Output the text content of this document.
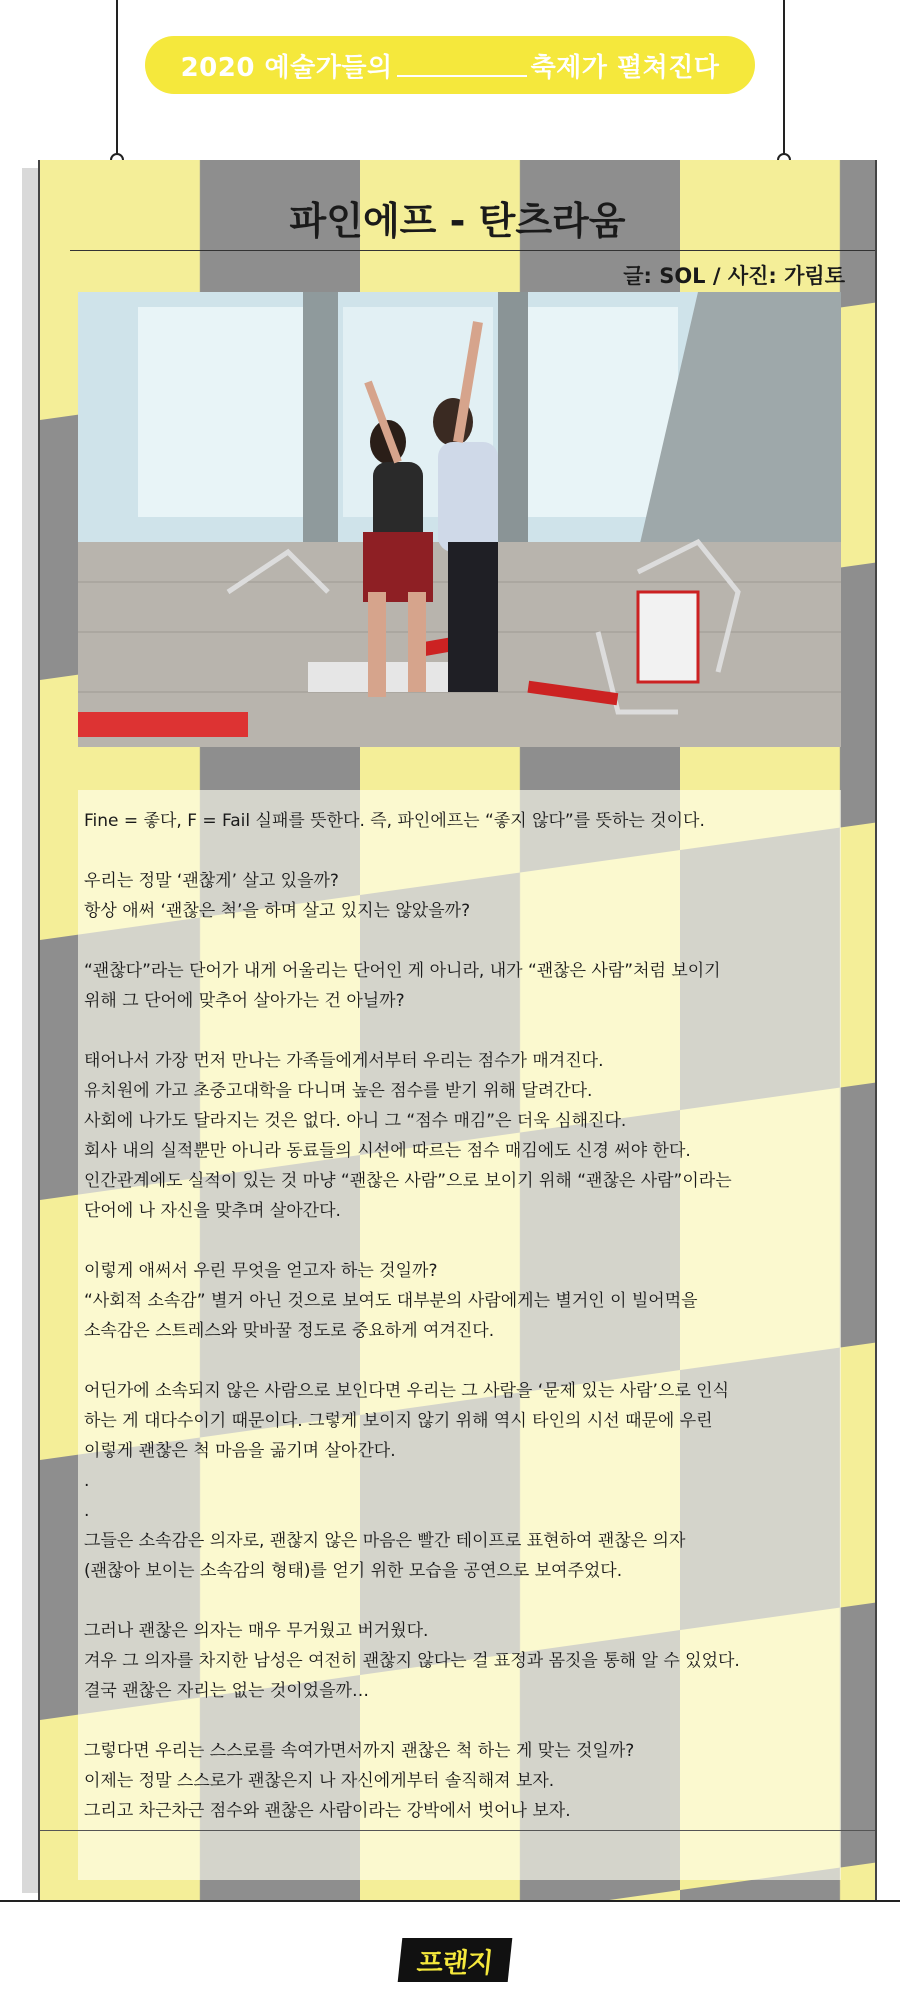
2020 예술가들의	축제가 펼쳐진다
파인에프 - 탄츠라움
글: SOL / 사진: 가림토

Fine = 좋다, F = Fail 실패를 뜻한다. 즉, 파인에프는 “좋지 않다”를 뜻하는 것이다.

우리는 정말 ‘괜찮게’ 살고 있을까?

항상 애써 ‘괜찮은 척’을 하며 살고 있지는 않았을까?

“괜찮다”라는 단어가 내게 어울리는 단어인 게 아니라, 내가 “괜찮은 사람”처럼 보이기

위해 그 단어에 맞추어 살아가는 건 아닐까?

태어나서 가장 먼저 만나는 가족들에게서부터 우리는 점수가 매겨진다.

유치원에 가고 초중고대학을 다니며 높은 점수를 받기 위해 달려간다.

사회에 나가도 달라지는 것은 없다. 아니 그 “점수 매김”은 더욱 심해진다.

회사 내의 실적뿐만 아니라 동료들의 시선에 따르는 점수 매김에도 신경 써야 한다.

인간관계에도 실적이 있는 것 마냥 “괜찮은 사람”으로 보이기 위해 “괜찮은 사람”이라는

단어에 나 자신을 맞추며 살아간다.

이렇게 애써서 우린 무엇을 얻고자 하는 것일까?

“사회적 소속감” 별거 아닌 것으로 보여도 대부분의 사람에게는 별거인 이 빌어먹을

소속감은 스트레스와 맞바꿀 정도로 중요하게 여겨진다.

어딘가에 소속되지 않은 사람으로 보인다면 우리는 그 사람을 ‘문제 있는 사람’으로 인식

하는 게 대다수이기 때문이다. 그렇게 보이지 않기 위해 역시 타인의 시선 때문에 우린

이렇게 괜찮은 척 마음을 곪기며 살아간다.

.

.

그들은 소속감은 의자로, 괜찮지 않은 마음은 빨간 테이프로 표현하여 괜찮은 의자

(괜찮아 보이는 소속감의 형태)를 얻기 위한 모습을 공연으로 보여주었다.

그러나 괜찮은 의자는 매우 무거웠고 버거웠다.

겨우 그 의자를 차지한 남성은 여전히 괜찮지 않다는 걸 표정과 몸짓을 통해 알 수 있었다.

결국 괜찮은 자리는 없는 것이었을까…

그렇다면 우리는 스스로를 속여가면서까지 괜찮은 척 하는 게 맞는 것일까?

이제는 정말 스스로가 괜찮은지 나 자신에게부터 솔직해져 보자.

그리고 차근차근 점수와 괜찮은 사람이라는 강박에서 벗어나 보자.

프랜지
